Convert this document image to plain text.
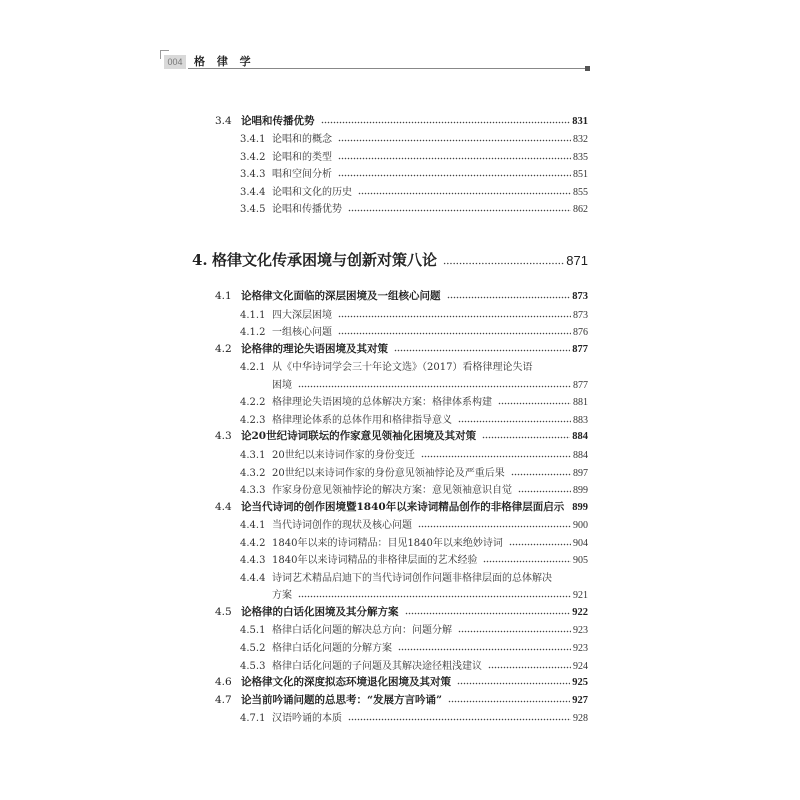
004	格 律 学
3.4 论唱和传播优势	831
3.4.1 论唱和的概念	832
3.4.2 论唱和的类型	835
3.4.3 唱和空间分析	851
3.4.4 论唱和文化的历史	855
3.4.5 论唱和传播优势	862
4. 格律文化传承困境与创新对策八论	871
4.1 论格律文化面临的深层困境及一组核心问题	873
4.1.1 四大深层困境	873
4.1.2 一组核心问题	876
4.2 论格律的理论失语困境及其对策	877
4.2.1 从《中华诗词学会三十年论文选》（2017）看格律理论失语
困境	877
4.2.2 格律理论失语困境的总体解决方案：格律体系构建	881
4.2.3 格律理论体系的总体作用和格律指导意义	883
4.3 论20世纪诗词联坛的作家意见领袖化困境及其对策	884
4.3.1 20世纪以来诗词作家的身份变迁	884
4.3.2 20世纪以来诗词作家的身份意见领袖悖论及严重后果	897
4.3.3 作家身份意见领袖悖论的解决方案：意见领袖意识自觉	899
4.4 论当代诗词的创作困境暨1840年以来诗词精品创作的非格律层面启示 899
4.4.1 当代诗词创作的现状及核心问题	900
4.4.2 1840年以来的诗词精品：目见1840年以来绝妙诗词	904
4.4.3 1840年以来诗词精品的非格律层面的艺术经验	905
4.4.4 诗词艺术精品启迪下的当代诗词创作问题非格律层面的总体解决
方案	921
4.5 论格律的白话化困境及其分解方案	922
4.5.1 格律白话化问题的解决总方向：问题分解	923
4.5.2 格律白话化问题的分解方案	923
4.5.3 格律白话化问题的子问题及其解决途径粗浅建议	924
4.6 论格律文化的深度拟态环境退化困境及其对策	925
4.7 论当前吟诵问题的总思考：“发展方言吟诵”	927
4.7.1 汉语吟诵的本质	928
